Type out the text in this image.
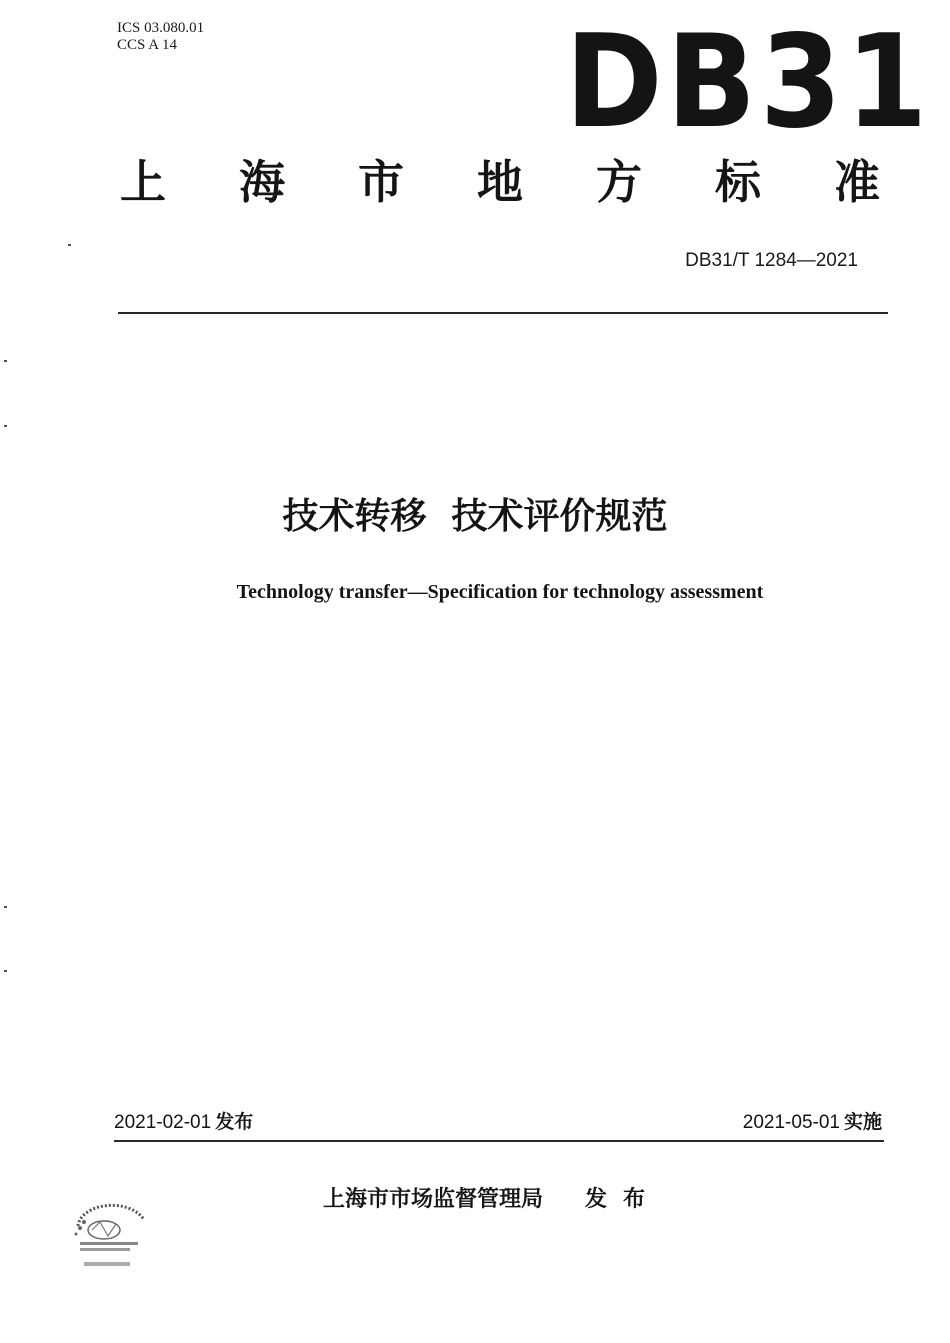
ICS 03.080.01
CCS A 14	DB31
上 海 市 地 方 标 准
DB31/T 1284—2021
技术转移  技术评价规范
Technology transfer—Specification for technology assessment
2021-02-01 发布	2021-05-01 实施
上海市市场监督管理局 发布
